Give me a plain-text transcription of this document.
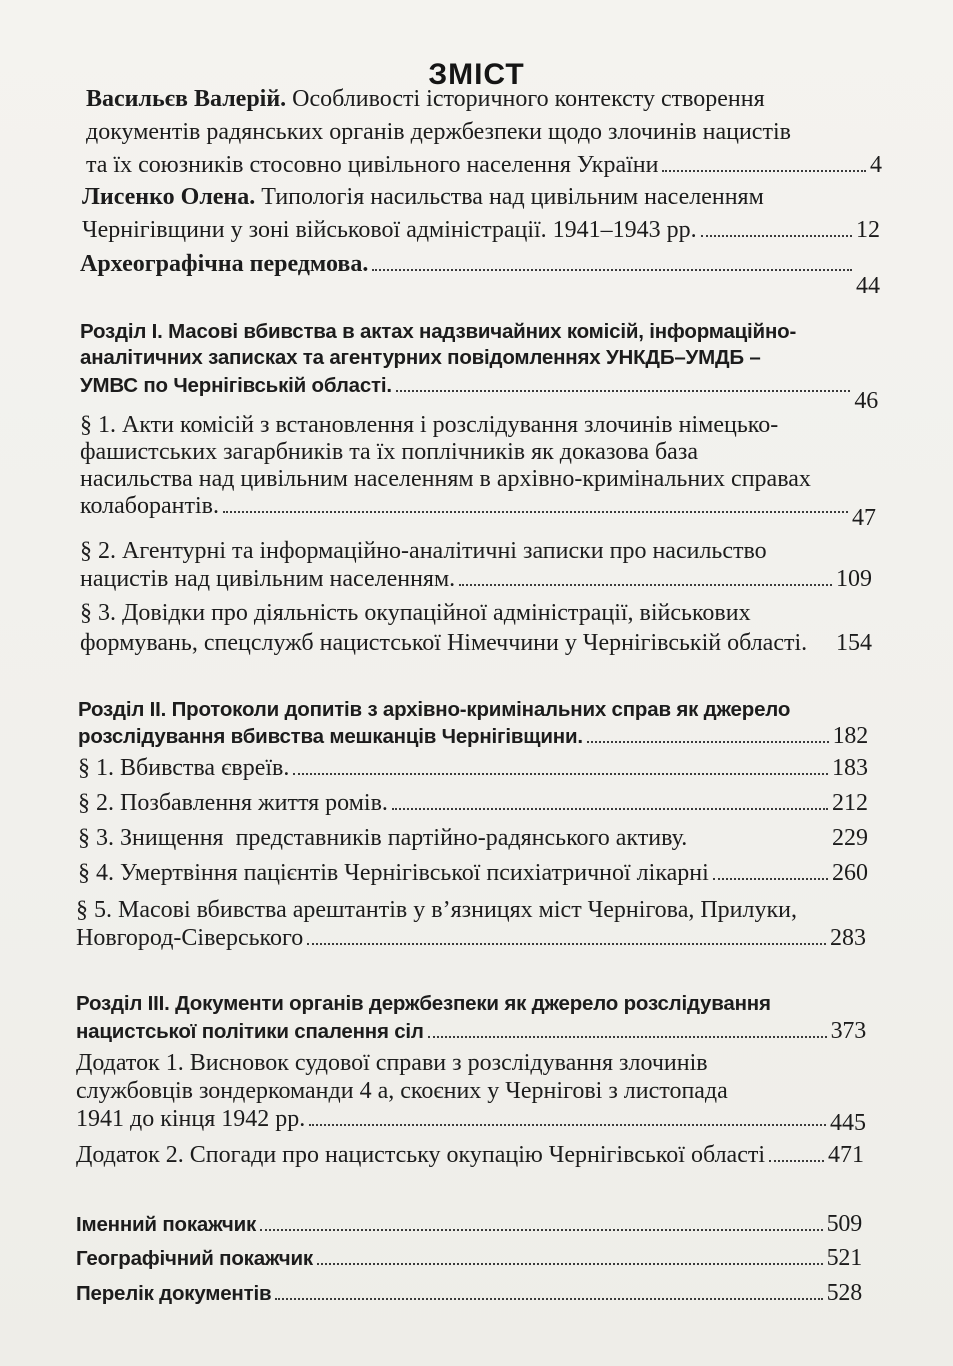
ЗМІСТ
Васильєв Валерій. Особливості історичного контексту створення
документів радянських органів держбезпеки щодо злочинів нацистів
та їх союзників стосовно цивільного населення України	4
Лисенко Олена. Типологія насильства над цивільним населенням
Чернігівщини у зоні військової адміністрації. 1941–1943 рр.	12
Археографічна передмова.
44
Розділ І. Масові вбивства в актах надзвичайних комісій, інформаційно-
аналітичних записках та агентурних повідомленнях УНКДБ–УМДБ –
УМВС по Чернігівській області.
46
§ 1. Акти комісій з встановлення і розслідування злочинів німецько-
фашистських загарбників та їх поплічників як доказова база
насильства над цивільним населенням в архівно-кримінальних справах
колаборантів.	47
§ 2. Агентурні та інформаційно-аналітичні записки про насильство
нацистів над цивільним населенням.	109
§ 3. Довідки про діяльність окупаційної адміністрації, військових
формувань, спецслужб нацистської Німеччини у Чернігівській області. 154
Розділ ІІ. Протоколи допитів з архівно-кримінальних справ як джерело
розслідування вбивства мешканців Чернігівщини.	182
§ 1. Вбивства євреїв.	183
§ 2. Позбавлення життя ромів.	212
§ 3. Знищення  представників партійно-радянського активу.	229
§ 4. Умертвіння пацієнтів Чернігівської психіатричної лікарні	260
§ 5. Масові вбивства арештантів у в’язницях міст Чернігова, Прилуки,
Новгород-Сіверського	283
Розділ ІІІ. Документи органів держбезпеки як джерело розслідування
нацистської політики спалення сіл	373
Додаток 1. Висновок судової справи з розслідування злочинів
службовців зондеркоманди 4 а, скоєних у Чернігові з листопада
1941 до кінця 1942 рр.	445
Додаток 2. Спогади про нацистську окупацію Чернігівської області	471
Іменний покажчик	509
Географічний покажчик	521
Перелік документів	528
